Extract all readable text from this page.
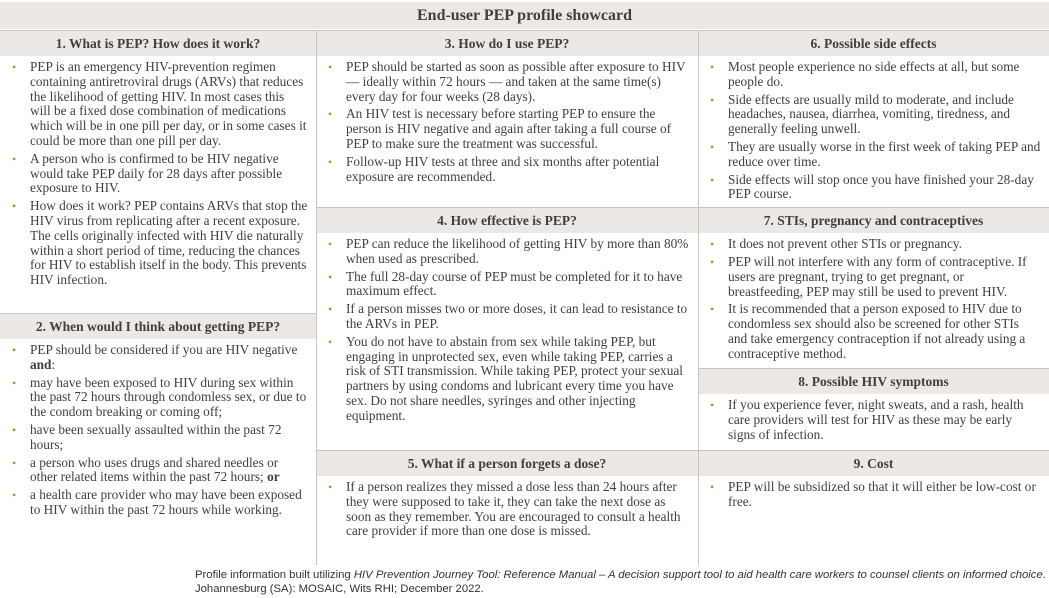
End-user PEP profile showcard
1. What is PEP? How does it work?
• PEP is an emergency HIV-prevention regimen containing antiretroviral drugs (ARVs) that reduces the likelihood of getting HIV. In most cases this will be a fixed dose combination of medications which will be in one pill per day, or in some cases it could be more than one pill per day.
• A person who is confirmed to be HIV negative would take PEP daily for 28 days after possible exposure to HIV.
• How does it work? PEP contains ARVs that stop the HIV virus from replicating after a recent exposure. The cells originally infected with HIV die naturally within a short period of time, reducing the chances for HIV to establish itself in the body. This prevents HIV infection.
2. When would I think about getting PEP?
• PEP should be considered if you are HIV negative and:
• may have been exposed to HIV during sex within the past 72 hours through condomless sex, or due to the condom breaking or coming off;
• have been sexually assaulted within the past 72 hours;
• a person who uses drugs and shared needles or other related items within the past 72 hours; or
• a health care provider who may have been exposed to HIV within the past 72 hours while working.
3. How do I use PEP?
• PEP should be started as soon as possible after exposure to HIV — ideally within 72 hours — and taken at the same time(s) every day for four weeks (28 days).
• An HIV test is necessary before starting PEP to ensure the person is HIV negative and again after taking a full course of PEP to make sure the treatment was successful.
• Follow-up HIV tests at three and six months after potential exposure are recommended.
4. How effective is PEP?
• PEP can reduce the likelihood of getting HIV by more than 80% when used as prescribed.
• The full 28-day course of PEP must be completed for it to have maximum effect.
• If a person misses two or more doses, it can lead to resistance to the ARVs in PEP.
• You do not have to abstain from sex while taking PEP, but engaging in unprotected sex, even while taking PEP, carries a risk of STI transmission. While taking PEP, protect your sexual partners by using condoms and lubricant every time you have sex. Do not share needles, syringes and other injecting equipment.
5. What if a person forgets a dose?
• If a person realizes they missed a dose less than 24 hours after they were supposed to take it, they can take the next dose as soon as they remember. You are encouraged to consult a health care provider if more than one dose is missed.
6. Possible side effects
• Most people experience no side effects at all, but some people do.
• Side effects are usually mild to moderate, and include headaches, nausea, diarrhea, vomiting, tiredness, and generally feeling unwell.
• They are usually worse in the first week of taking PEP and reduce over time.
• Side effects will stop once you have finished your 28-day PEP course.
7. STIs, pregnancy and contraceptives
• It does not prevent other STIs or pregnancy.
• PEP will not interfere with any form of contraceptive. If users are pregnant, trying to get pregnant, or breastfeeding, PEP may still be used to prevent HIV.
• It is recommended that a person exposed to HIV due to condomless sex should also be screened for other STIs and take emergency contraception if not already using a contraceptive method.
8. Possible HIV symptoms
• If you experience fever, night sweats, and a rash, health care providers will test for HIV as these may be early signs of infection.
9. Cost
• PEP will be subsidized so that it will either be low-cost or free.
Profile information built utilizing HIV Prevention Journey Tool: Reference Manual – A decision support tool to aid health care workers to counsel clients on informed choice.
Johannesburg (SA): MOSAIC, Wits RHI; December 2022.
